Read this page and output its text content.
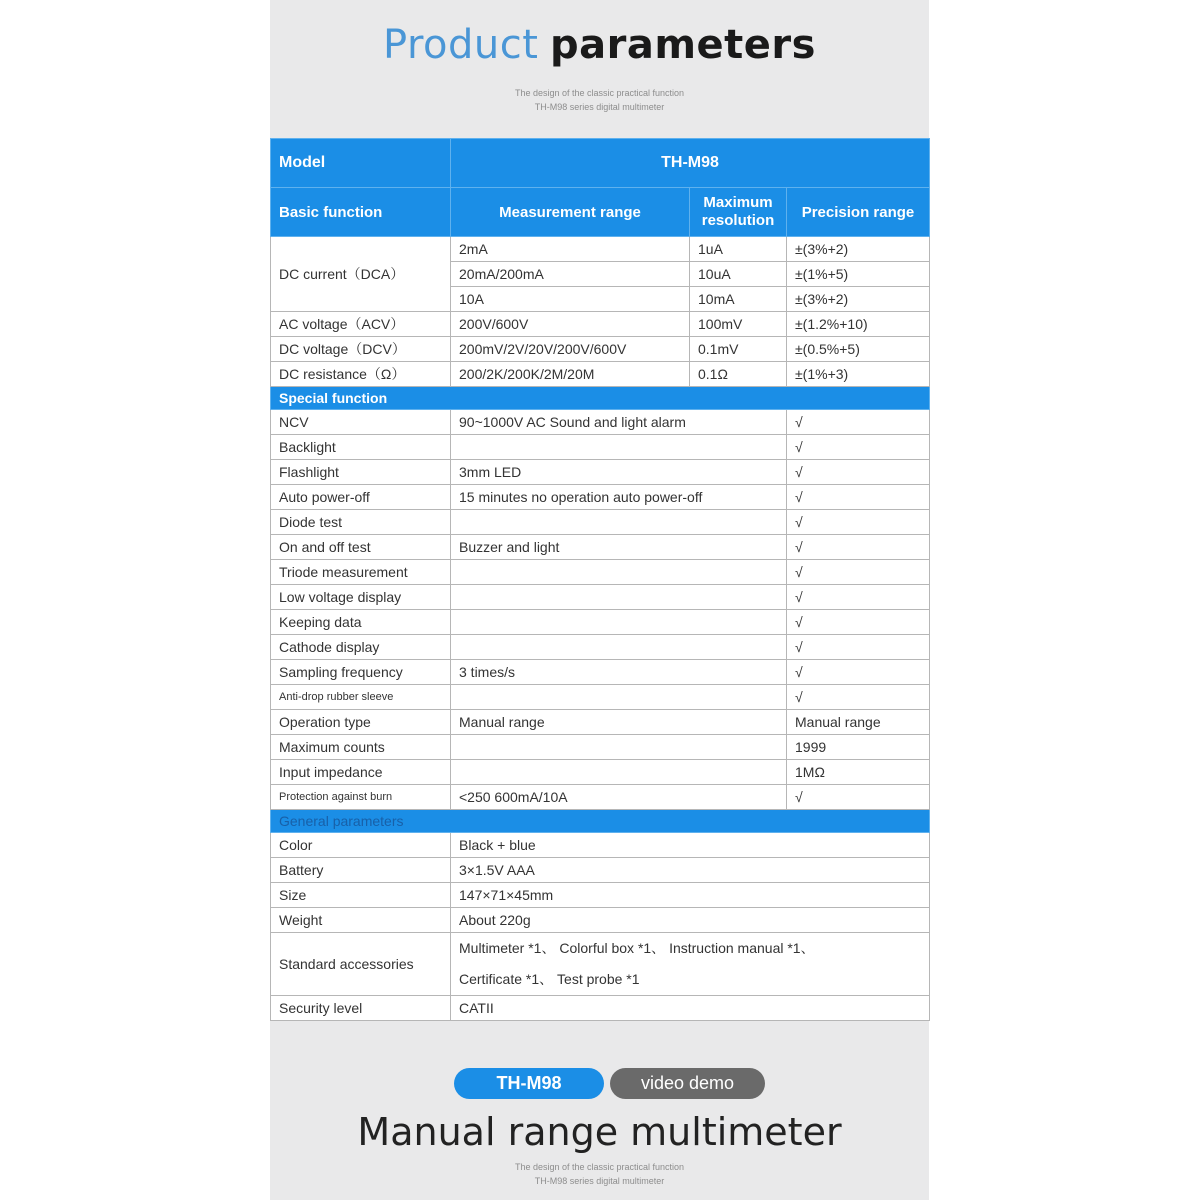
Product parameters
The design of the classic practical function
TH-M98 series digital multimeter
Model	TH-M98		
Basic function	Measurement range	Maximum resolution	Precision range
DC current（DCA）	2mA	1uA	±(3%+2)
	20mA/200mA	10uA	±(1%+5)
	10A	10mA	±(3%+2)
AC voltage（ACV）	200V/600V	100mV	±(1.2%+10)
DC voltage（DCV）	200mV/2V/20V/200V/600V	0.1mV	±(0.5%+5)
DC resistance（Ω）	200/2K/200K/2M/20M	0.1Ω	±(1%+3)
Special function			
NCV	90~1000V AC Sound and light alarm		√
Backlight			√
Flashlight	3mm LED		√
Auto power-off	15 minutes no operation auto power-off		√
Diode test			√
On and off test	Buzzer and light		√
Triode measurement			√
Low voltage display			√
Keeping data			√
Cathode display			√
Sampling frequency	3 times/s		√
Anti-drop rubber sleeve			√
Operation type	Manual range		Manual range
Maximum counts			1999
Input impedance			1MΩ
Protection against burn	<250 600mA/10A		√
General parameters			
Color	Black + blue		
Battery	3×1.5V AAA		
Size	147×71×45mm		
Weight	About 220g		
Standard accessories	Multimeter *1、 Colorful box *1、 Instruction manual *1、
Certificate *1、 Test probe *1		

Security level	CATII		
TH-M98	video demo
Manual range multimeter
The design of the classic practical function
TH-M98 series digital multimeter
